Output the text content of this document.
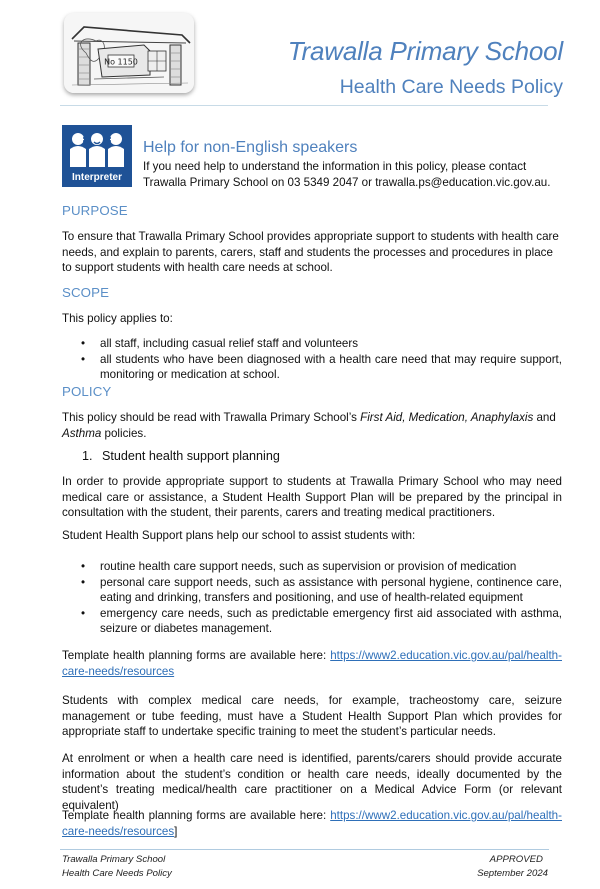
No 1150	Trawalla Primary School
Health Care Needs Policy
Interpreter
Help for non-English speakers
If you need help to understand the information in this policy, please contact Trawalla Primary School on 03 5349 2047 or trawalla.ps@education.vic.gov.au.
PURPOSE
To ensure that Trawalla Primary School provides appropriate support to students with health care needs, and explain to parents, carers, staff and students the processes and procedures in place to support students with health care needs at school.
SCOPE
This policy applies to:
• all staff, including casual relief staff and volunteers
• all students who have been diagnosed with a health care need that may require support, monitoring or medication at school.
POLICY
This policy should be read with Trawalla Primary School’s First Aid, Medication, Anaphylaxis and Asthma policies.
1. Student health support planning
In order to provide appropriate support to students at Trawalla Primary School who may need medical care or assistance, a Student Health Support Plan will be prepared by the principal in consultation with the student, their parents, carers and treating medical practitioners.
Student Health Support plans help our school to assist students with:
• routine health care support needs, such as supervision or provision of medication
• personal care support needs, such as assistance with personal hygiene, continence care, eating and drinking, transfers and positioning, and use of health-related equipment
• emergency care needs, such as predictable emergency first aid associated with asthma, seizure or diabetes management.
Template health planning forms are available here: https://www2.education.vic.gov.au/pal/health-care-needs/resources
Students with complex medical care needs, for example, tracheostomy care, seizure management or tube feeding, must have a Student Health Support Plan which provides for appropriate staff to undertake specific training to meet the student’s particular needs.
At enrolment or when a health care need is identified, parents/carers should provide accurate information about the student’s condition or health care needs, ideally documented by the student’s treating medical/health care practitioner on a Medical Advice Form (or relevant equivalent)
Template health planning forms are available here: https://www2.education.vic.gov.au/pal/health-care-needs/resources]
Trawalla Primary School
Health Care Needs Policy
APPROVED
September 2024
